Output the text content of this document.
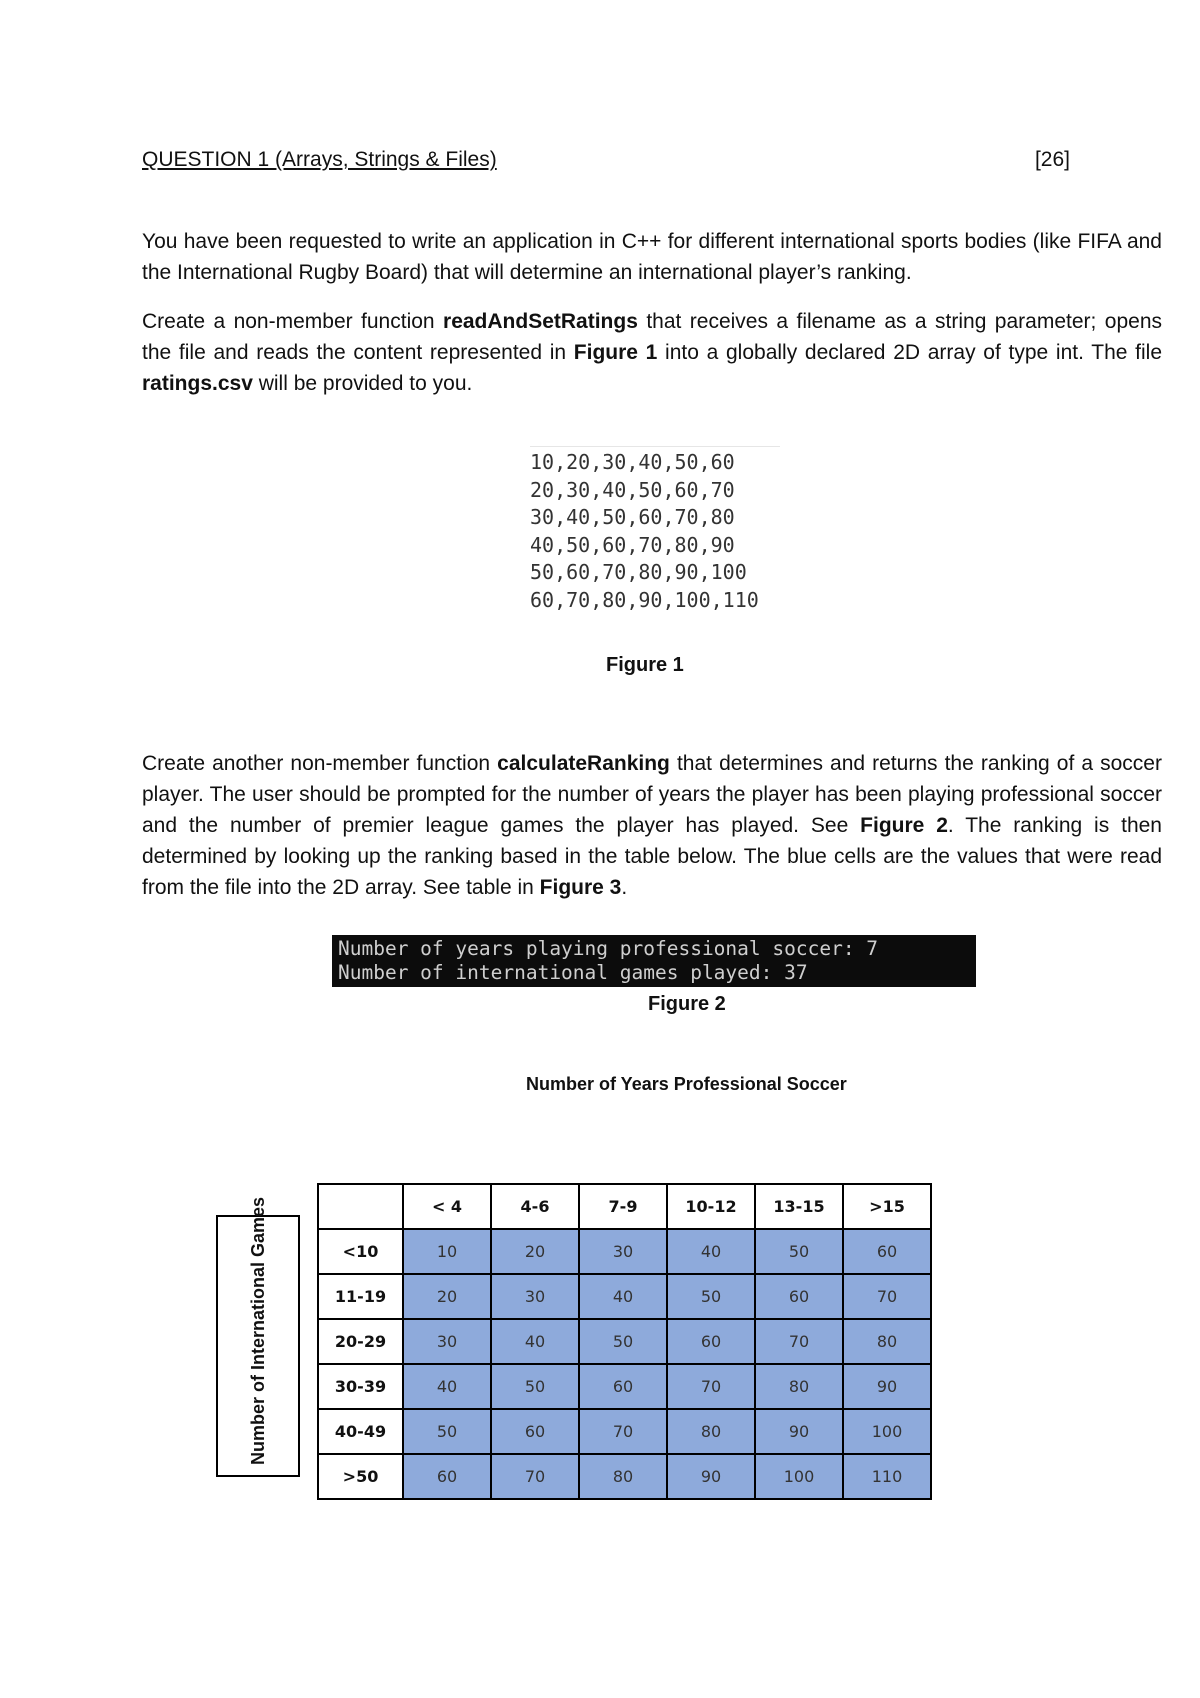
QUESTION 1 (Arrays, Strings & Files)	[26]
You have been requested to write an application in C++ for different international sports bodies (like FIFA and the International Rugby Board) that will determine an international player’s ranking.
Create a non-member function readAndSetRatings that receives a filename as a string parameter; opens the file and reads the content represented in Figure 1 into a globally declared 2D array of type int. The file ratings.csv will be provided to you.
10,20,30,40,50,60
20,30,40,50,60,70
30,40,50,60,70,80
40,50,60,70,80,90
50,60,70,80,90,100
60,70,80,90,100,110
Figure 1
Create another non-member function calculateRanking that determines and returns the ranking of a soccer player. The user should be prompted for the number of years the player has been playing professional soccer and the number of premier league games the player has played. See Figure 2. The ranking is then determined by looking up the ranking based in the table below. The blue cells are the values that were read from the file into the 2D array. See table in Figure 3.
Number of years playing professional soccer: 7
Number of international games played: 37
Figure 2
Number of Years Professional Soccer
Number of International Games
		< 4	4-6	7-9	10-12	13-15	>15
<10	10	20	30	40	50	60
11-19	20	30	40	50	60	70
20-29	30	40	50	60	70	80
30-39	40	50	60	70	80	90
40-49	50	60	70	80	90	100
>50	60	70	80	90	100	110
